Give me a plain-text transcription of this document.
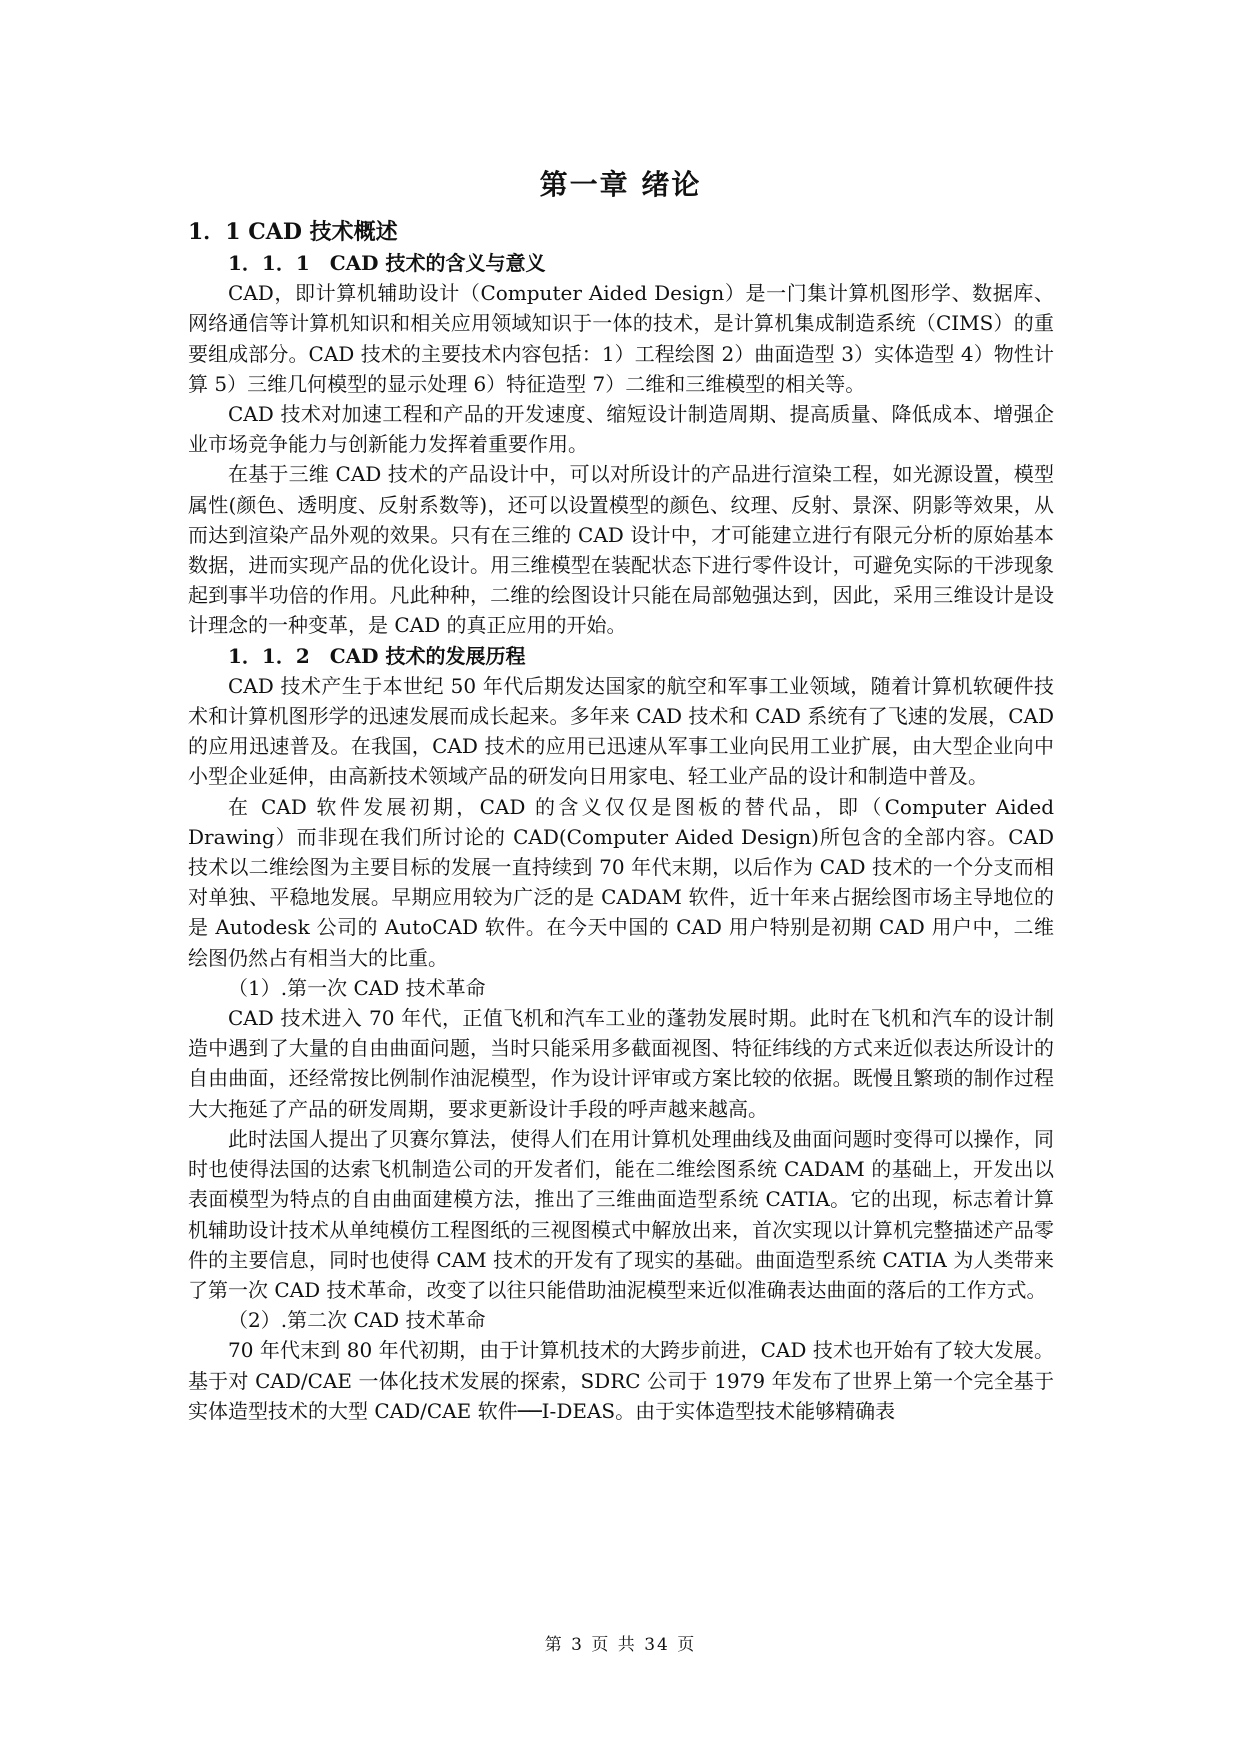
第一章 绪论
1．1 CAD 技术概述
1．1．1　CAD 技术的含义与意义

CAD，即计算机辅助设计（Computer Aided Design）是一门集计算机图形学、数据库、网络通信等计算机知识和相关应用领域知识于一体的技术，是计算机集成制造系统（CIMS）的重要组成部分。CAD 技术的主要技术内容包括：1）工程绘图 2）曲面造型 3）实体造型 4）物性计算 5）三维几何模型的显示处理 6）特征造型 7）二维和三维模型的相关等。

CAD 技术对加速工程和产品的开发速度、缩短设计制造周期、提高质量、降低成本、增强企业市场竞争能力与创新能力发挥着重要作用。

在基于三维 CAD 技术的产品设计中，可以对所设计的产品进行渲染工程，如光源设置，模型属性(颜色、透明度、反射系数等)，还可以设置模型的颜色、纹理、反射、景深、阴影等效果，从而达到渲染产品外观的效果。只有在三维的 CAD 设计中，才可能建立进行有限元分析的原始基本数据，进而实现产品的优化设计。用三维模型在装配状态下进行零件设计，可避免实际的干涉现象起到事半功倍的作用。凡此种种，二维的绘图设计只能在局部勉强达到，因此，采用三维设计是设计理念的一种变革，是 CAD 的真正应用的开始。

1．1．2　CAD 技术的发展历程

CAD 技术产生于本世纪 50 年代后期发达国家的航空和军事工业领域，随着计算机软硬件技术和计算机图形学的迅速发展而成长起来。多年来 CAD 技术和 CAD 系统有了飞速的发展，CAD 的应用迅速普及。在我国，CAD 技术的应用已迅速从军事工业向民用工业扩展，由大型企业向中小型企业延伸，由高新技术领域产品的研发向日用家电、轻工业产品的设计和制造中普及。

在 CAD 软件发展初期，CAD 的含义仅仅是图板的替代品，即（Computer Aided Drawing）而非现在我们所讨论的 CAD(Computer Aided Design)所包含的全部内容。CAD 技术以二维绘图为主要目标的发展一直持续到 70 年代末期，以后作为 CAD 技术的一个分支而相对单独、平稳地发展。早期应用较为广泛的是 CADAM 软件，近十年来占据绘图市场主导地位的是 Autodesk 公司的 AutoCAD 软件。在今天中国的 CAD 用户特别是初期 CAD 用户中，二维绘图仍然占有相当大的比重。

（1）.第一次 CAD 技术革命

CAD 技术进入 70 年代，正值飞机和汽车工业的蓬勃发展时期。此时在飞机和汽车的设计制造中遇到了大量的自由曲面问题，当时只能采用多截面视图、特征纬线的方式来近似表达所设计的自由曲面，还经常按比例制作油泥模型，作为设计评审或方案比较的依据。既慢且繁琐的制作过程大大拖延了产品的研发周期，要求更新设计手段的呼声越来越高。

此时法国人提出了贝赛尔算法，使得人们在用计算机处理曲线及曲面问题时变得可以操作，同时也使得法国的达索飞机制造公司的开发者们，能在二维绘图系统 CADAM 的基础上，开发出以表面模型为特点的自由曲面建模方法，推出了三维曲面造型系统 CATIA。它的出现，标志着计算机辅助设计技术从单纯模仿工程图纸的三视图模式中解放出来，首次实现以计算机完整描述产品零件的主要信息，同时也使得 CAM 技术的开发有了现实的基础。曲面造型系统 CATIA 为人类带来了第一次 CAD 技术革命，改变了以往只能借助油泥模型来近似准确表达曲面的落后的工作方式。

（2）.第二次 CAD 技术革命

70 年代末到 80 年代初期，由于计算机技术的大跨步前进，CAD 技术也开始有了较大发展。基于对 CAD/CAE 一体化技术发展的探索，SDRC 公司于 1979 年发布了世界上第一个完全基于实体造型技术的大型 CAD/CAE 软件──I-DEAS。由于实体造型技术能够精确表

第 3 页 共 34 页
